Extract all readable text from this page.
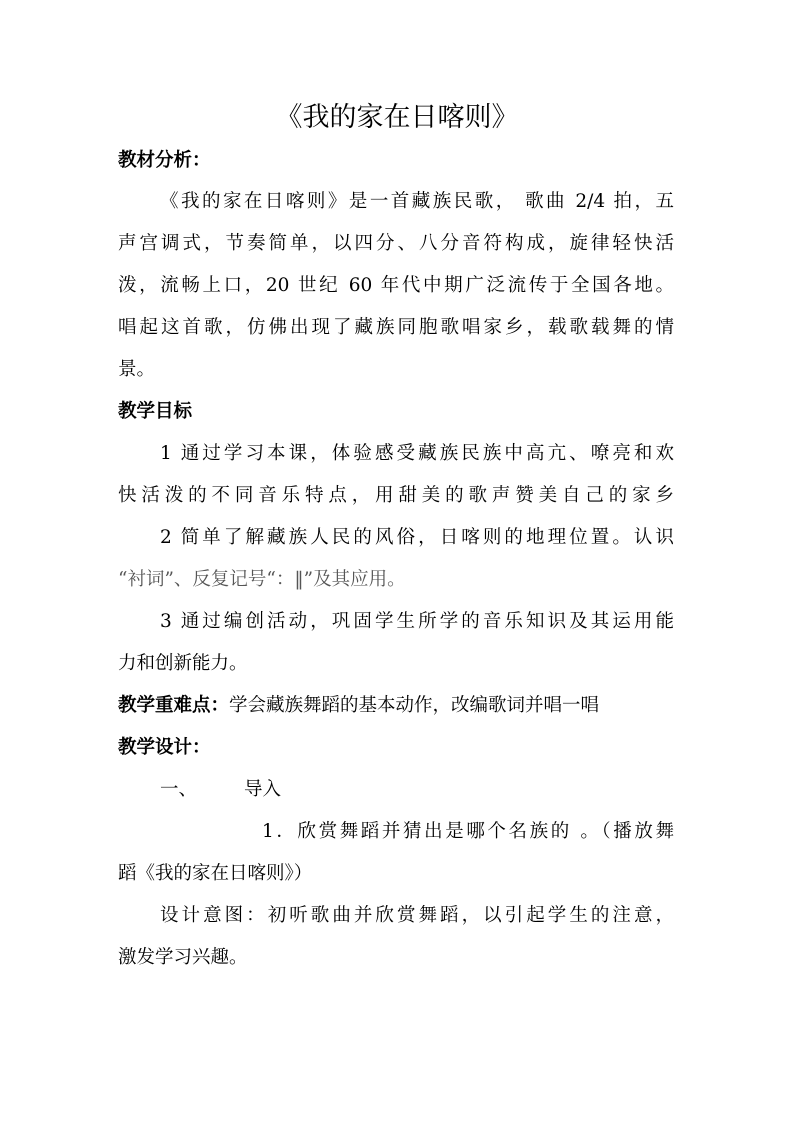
《我的家在日喀则》
教材分析：
《我的家在日喀则》是一首藏族民歌， 歌曲 2/4 拍，五
声宫调式，节奏简单，以四分、八分音符构成，旋律轻快活
泼，流畅上口，20 世纪 60 年代中期广泛流传于全国各地。
唱起这首歌，仿佛出现了藏族同胞歌唱家乡，载歌载舞的情
景。
教学目标
1 通过学习本课，体验感受藏族民族中高亢、嘹亮和欢
快活泼的不同音乐特点，用甜美的歌声赞美自己的家乡
2 简单了解藏族人民的风俗，日喀则的地理位置。认识
“衬词”、反复记号“：‖”及其应用。
3 通过编创活动，巩固学生所学的音乐知识及其运用能
力和创新能力。
教学重难点：学会藏族舞蹈的基本动作，改编歌词并唱一唱
教学设计：
一、	导入
1．欣赏舞蹈并猜出是哪个名族的 。（播放舞
蹈《我的家在日喀则》）
设计意图：初听歌曲并欣赏舞蹈，以引起学生的注意，
激发学习兴趣。
